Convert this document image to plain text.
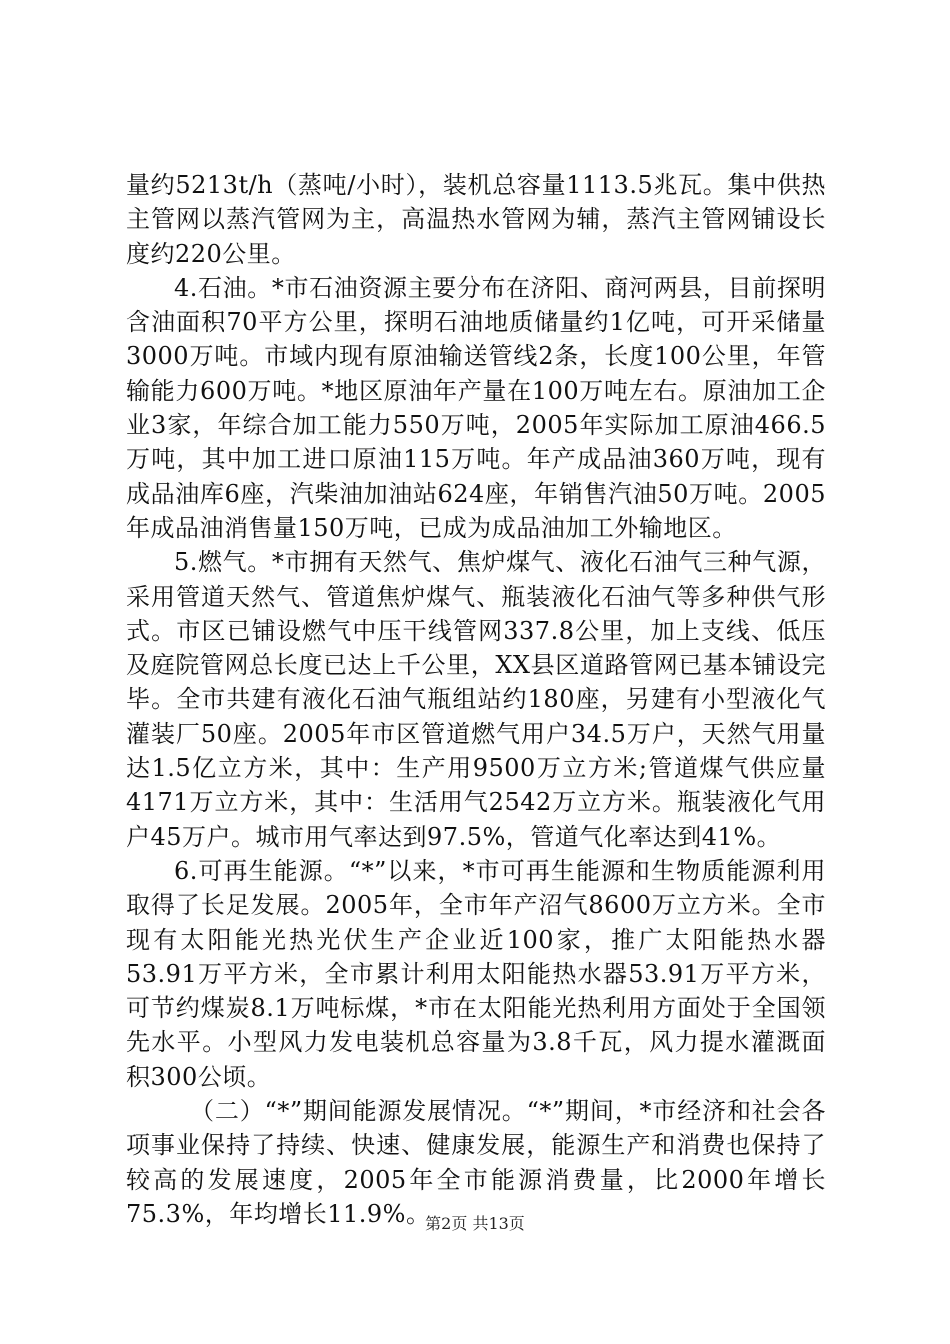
量约5213t/h（蒸吨/小时），装机总容量1113.5兆瓦。集中供热主管网以蒸汽管网为主，高温热水管网为辅，蒸汽主管网铺设长度约220公里。

4.石油。*市石油资源主要分布在济阳、商河两县，目前探明含油面积70平方公里，探明石油地质储量约1亿吨，可开采储量3000万吨。市域内现有原油输送管线2条，长度100公里，年管输能力600万吨。*地区原油年产量在100万吨左右。原油加工企业3家，年综合加工能力550万吨，2005年实际加工原油466.5万吨，其中加工进口原油115万吨。年产成品油360万吨，现有成品油库6座，汽柴油加油站624座，年销售汽油50万吨。2005年成品油消售量150万吨，已成为成品油加工外输地区。

5.燃气。*市拥有天然气、焦炉煤气、液化石油气三种气源，采用管道天然气、管道焦炉煤气、瓶装液化石油气等多种供气形式。市区已铺设燃气中压干线管网337.8公里，加上支线、低压及庭院管网总长度已达上千公里，XX县区道路管网已基本铺设完毕。全市共建有液化石油气瓶组站约180座，另建有小型液化气灌装厂50座。2005年市区管道燃气用户34.5万户，天然气用量达1.5亿立方米，其中：生产用9500万立方米;管道煤气供应量4171万立方米，其中：生活用气2542万立方米。瓶装液化气用户45万户。城市用气率达到97.5%，管道气化率达到41%。

6.可再生能源。“*”以来，*市可再生能源和生物质能源利用取得了长足发展。2005年，全市年产沼气8600万立方米。全市现有太阳能光热光伏生产企业近100家，推广太阳能热水器53.91万平方米，全市累计利用太阳能热水器53.91万平方米，可节约煤炭8.1万吨标煤，*市在太阳能光热利用方面处于全国领先水平。小型风力发电装机总容量为3.8千瓦，风力提水灌溉面积300公顷。

（二）“*”期间能源发展情况。“*”期间，*市经济和社会各项事业保持了持续、快速、健康发展，能源生产和消费也保持了较高的发展速度，2005年全市能源消费量，比2000年增长75.3%，年均增长11.9%。

第2页 共13页
